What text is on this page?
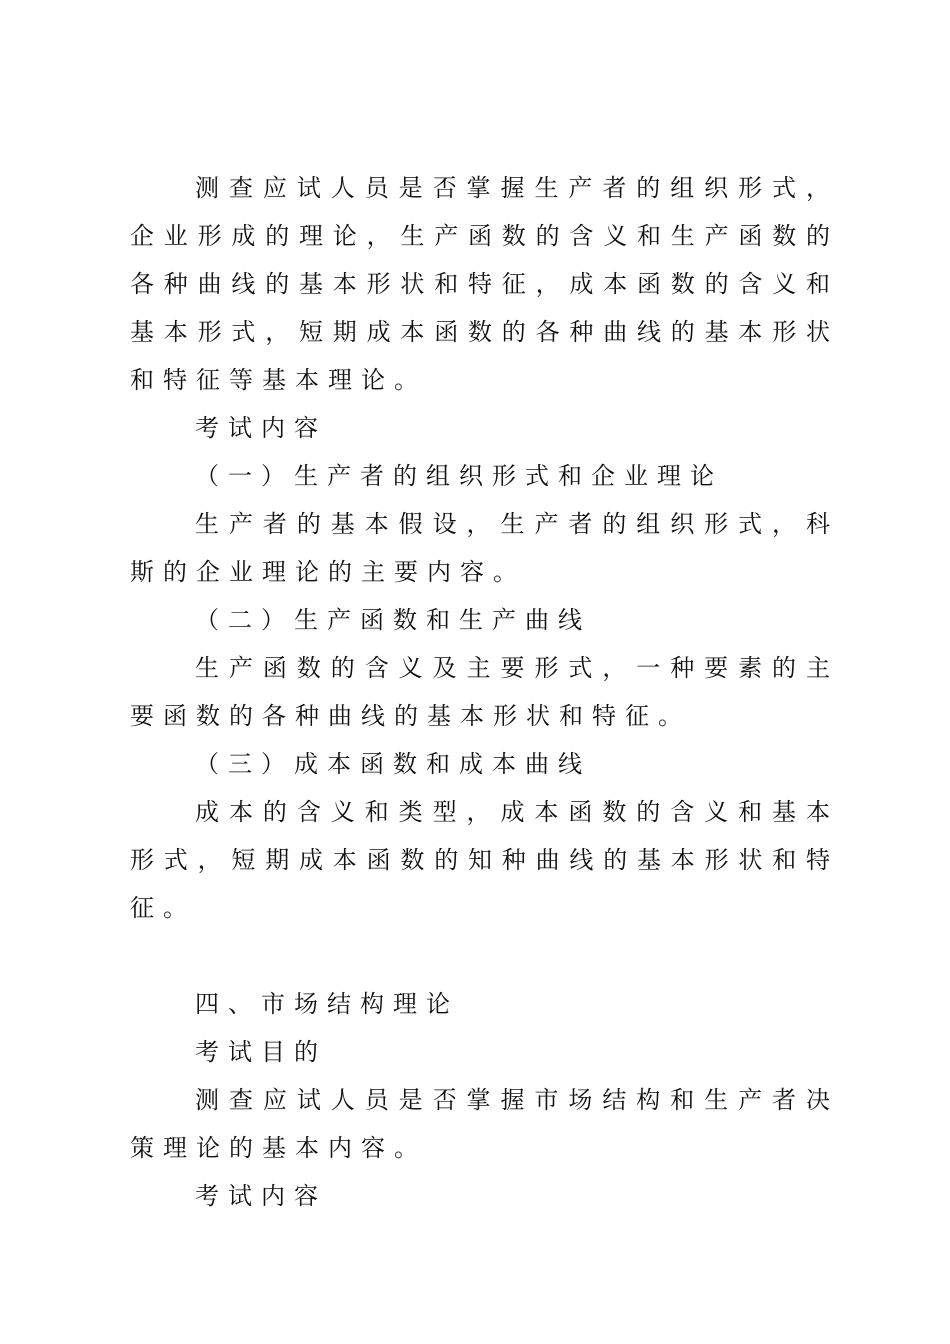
测查应试人员是否掌握生产者的组织形式，
企业形成的理论，生产函数的含义和生产函数的
各种曲线的基本形状和特征，成本函数的含义和
基本形式，短期成本函数的各种曲线的基本形状
和特征等基本理论。
考试内容
（一）生产者的组织形式和企业理论
生产者的基本假设，生产者的组织形式，科
斯的企业理论的主要内容。
（二）生产函数和生产曲线
生产函数的含义及主要形式，一种要素的主
要函数的各种曲线的基本形状和特征。
（三）成本函数和成本曲线
成本的含义和类型，成本函数的含义和基本
形式，短期成本函数的知种曲线的基本形状和特
征。
四、市场结构理论
考试目的
测查应试人员是否掌握市场结构和生产者决
策理论的基本内容。
考试内容
